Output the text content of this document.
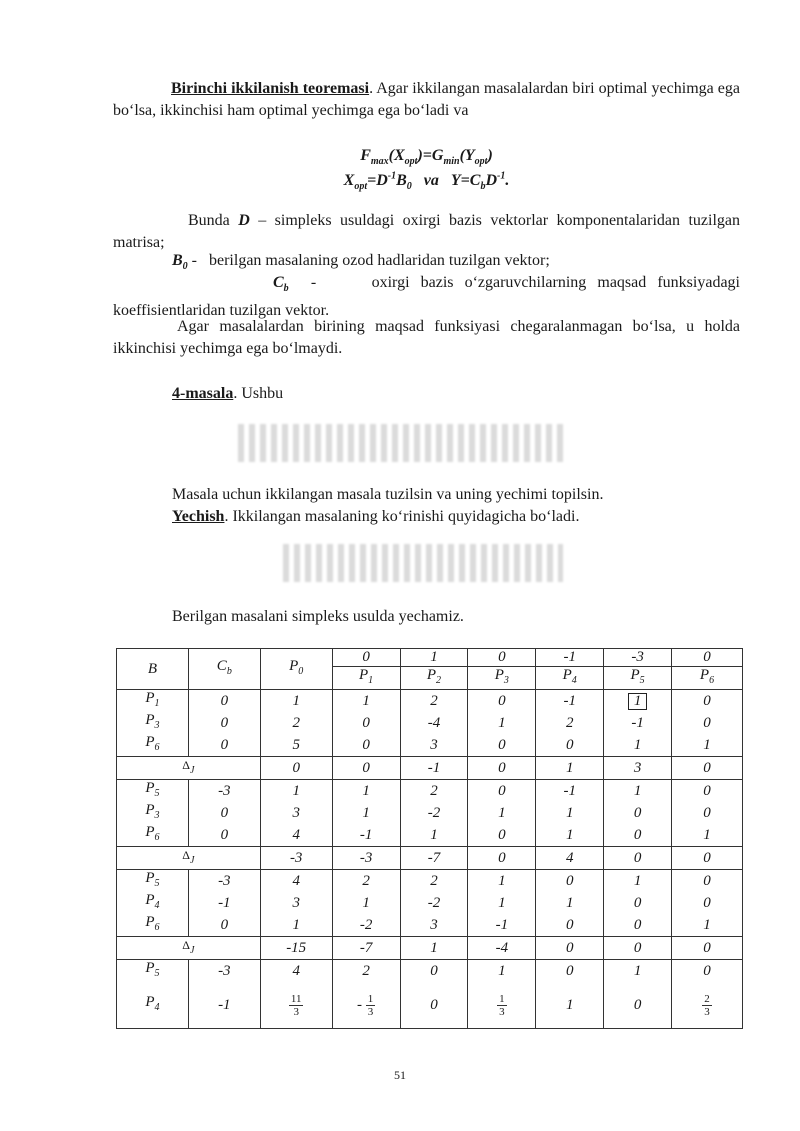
Birinchi ikkilanish teoremasi. Agar ikkilangan masalalardan biri optimal yechimga ega bo‘lsa, ikkinchisi ham optimal yechimga ega bo‘ladi va

$F_{max}(X_{opt})=G_{min}(Y_{opt})$

$X_{opt}=D^{-1}B_0$   va   $Y=C_bD^{-1}$.

Bunda D – simpleks usuldagi oxirgi bazis vektorlar komponentalaridan tuzilgan matrisa;

$B_0$ -   berilgan masalaning ozod hadlaridan tuzilgan vektor;

$C_b$  -     oxirgi bazis o‘zgaruvchilarning maqsad funksiyadagi koeffisientlaridan tuzilgan vektor.

Agar masalalardan birining maqsad funksiyasi chegaralanmagan bo‘lsa, u holda ikkinchisi yechimga ega bo‘lmaydi.

4-masala. Ushbu

Masala uchun ikkilangan masala tuzilsin va uning yechimi topilsin.

Yechish. Ikkilangan masalaning ko‘rinishi quyidagicha bo‘ladi.

Berilgan masalani simpleks usulda yechamiz.

B	$C_b$	$P_0$	0	1	0	-1	-3	0
			$P_1$	$P_2$	$P_3$	$P_4$	$P_5$	$P_6$
$P_1$	0	1	1	2	0	-1	1	0
$P_3$	0	2	0	-4	1	2	-1	0
$P_6$	0	5	0	3	0	0	1	1
$\Delta_J$		0	0	-1	0	1	3	0
$P_5$	-3	1	1	2	0	-1	1	0
$P_3$	0	3	1	-2	1	1	0	0
$P_6$	0	4	-1	1	0	1	0	1
$\Delta_J$		-3	-3	-7	0	4	0	0
$P_5$	-3	4	2	2	1	0	1	0
$P_4$	-1	3	1	-2	1	1	0	0
$P_6$	0	1	-2	3	-1	0	0	1
$\Delta_J$		-15	-7	1	-4	0	0	0
$P_5$	-3	4	2	0	1	0	1	0
$P_4$	-1	$\frac{11}{3}$	- $\frac{1}{3}$	0	$\frac{1}{3}$	1	0	$\frac{2}{3}$
51
